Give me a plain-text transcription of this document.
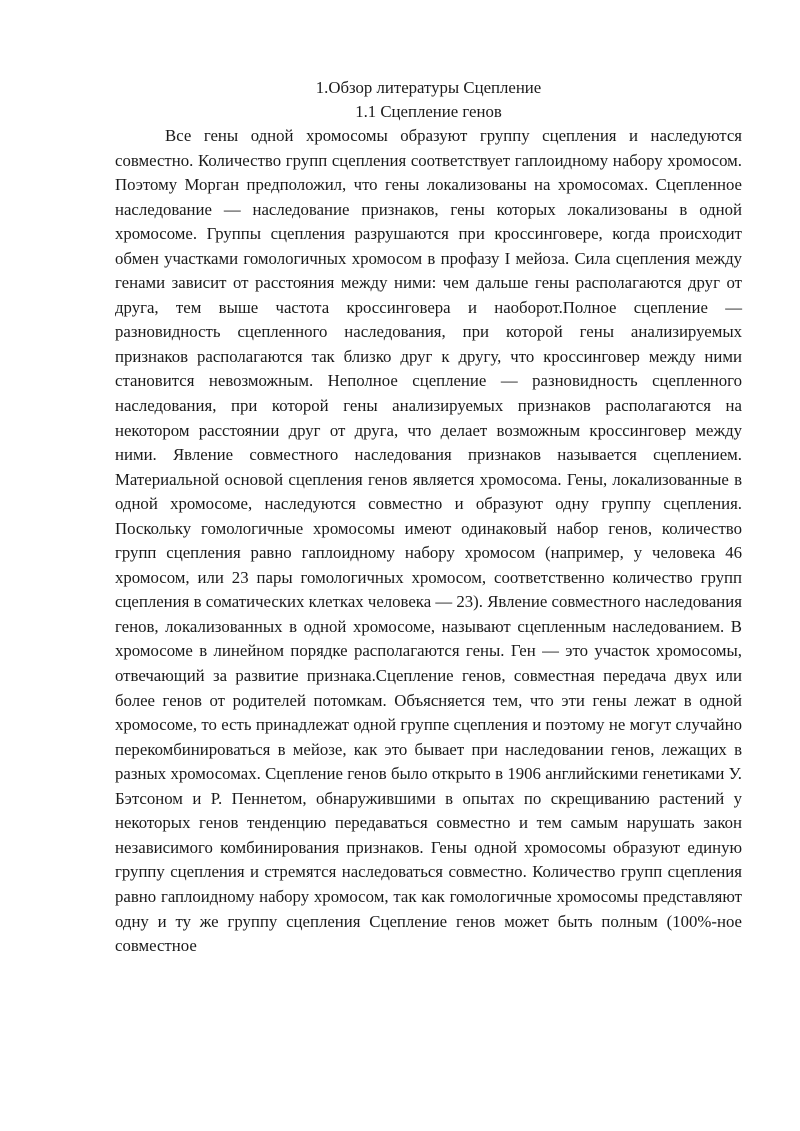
1.Обзор литературы Сцепление
1.1 Сцепление генов

Все гены одной хромосомы образуют группу сцепления и наследуются совместно. Количество групп сцепления соответствует гаплоидному набору хромосом. Поэтому Морган предположил, что гены локализованы на хромосомах. Сцепленное наследование — наследование признаков, гены которых локализованы в одной хромосоме. Группы сцепления разрушаются при кроссинговере, когда происходит обмен участками гомологичных хромосом в профазу I мейоза. Сила сцепления между генами зависит от расстояния между ними: чем дальше гены располагаются друг от друга, тем выше частота кроссинговера и наоборот.Полное сцепление — разновидность сцепленного наследования, при которой гены анализируемых признаков располагаются так близко друг к другу, что кроссинговер между ними становится невозможным. Неполное сцепление — разновидность сцепленного наследования, при которой гены анализируемых признаков располагаются на некотором расстоянии друг от друга, что делает возможным кроссинговер между ними. Явление совместного наследования признаков называется сцеплением. Материальной основой сцепления генов является хромосома. Гены, локализованные в одной хромосоме, наследуются совместно и образуют одну группу сцепления. Поскольку гомологичные хромосомы имеют одинаковый набор генов, количество групп сцепления равно гаплоидному набору хромосом (например, у человека 46 хромосом, или 23 пары гомологичных хромосом, соответственно количество групп сцепления в соматических клетках человека — 23). Явление совместного наследования генов, локализованных в одной хромосоме, называют сцепленным наследованием. В хромосоме в линейном порядке располагаются гены. Ген — это участок хромосомы, отвечающий за развитие признака.Сцепление генов, совместная передача двух или более генов от родителей потомкам. Объясняется тем, что эти гены лежат в одной хромосоме, то есть принадлежат одной группе сцепления и поэтому не могут случайно перекомбинироваться в мейозе, как это бывает при наследовании генов, лежащих в разных хромосомах. Сцепление генов было открыто в 1906 английскими генетиками У. Бэтсоном и Р. Пеннетом, обнаружившими в опытах по скрещиванию растений у некоторых генов тенденцию передаваться совместно и тем самым нарушать закон независимого комбинирования признаков. Гены одной хромосомы образуют единую группу сцепления и стремятся наследоваться совместно. Количество групп сцепления равно гаплоидному набору хромосом, так как гомологичные хромосомы представляют одну и ту же группу сцепления Сцепление генов может быть полным (100%-ное совместное
